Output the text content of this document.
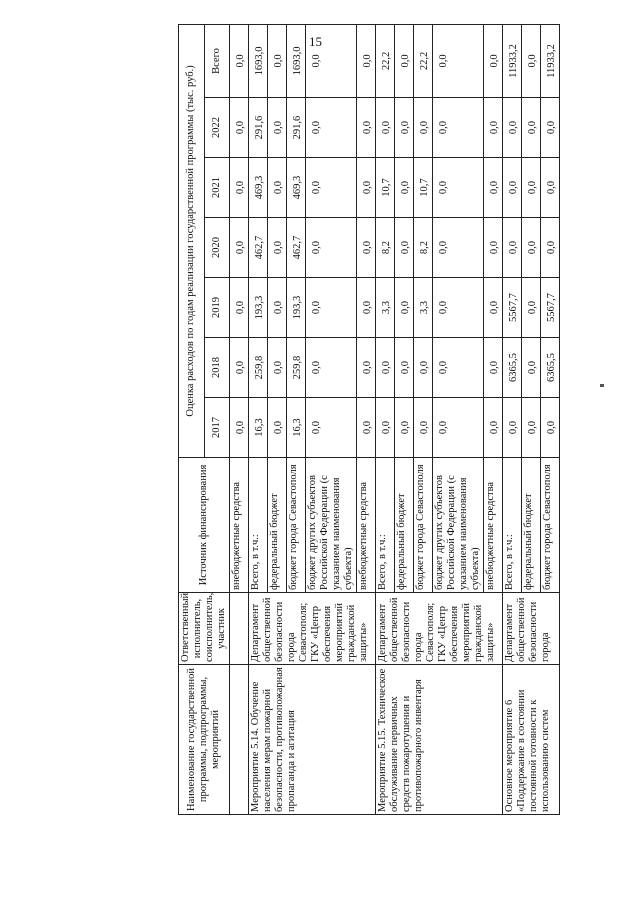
15
Наименование государственной программы, подпрограммы, мероприятий	Ответственный исполнитель, соисполнитель, участник	Источник финансирования	Оценка расходов по годам реализации государственной программы (тыс. руб.)						
			2017	2018	2019	2020	2021	2022	Всего
		внебюджетные средства	0,0	0,0	0,0	0,0	0,0	0,0	0,0
Мероприятие 5.14. Обучение населения мерам пожарной безопасности, противопожарная пропаганда и агитация	Департамент общественной безопасности города Севастополя; ГКУ «Центр обеспечения мероприятий гражданской защиты»	Всего, в т.ч.:	16,3	259,8	193,3	462,7	469,3	291,6	1693,0
		федеральный бюджет	0,0	0,0	0,0	0,0	0,0	0,0	0,0
		бюджет города Севастополя	16,3	259,8	193,3	462,7	469,3	291,6	1693,0
		бюджет других субъектов Российской Федерации (с указанием наименования субъекта)	0,0	0,0	0,0	0,0	0,0	0,0	0,0
		внебюджетные средства	0,0	0,0	0,0	0,0	0,0	0,0	0,0
Мероприятие 5.15. Техническое обслуживание первичных средств пожаротушения и противопожарного инвентаря	Департамент общественной безопасности города Севастополя; ГКУ «Центр обеспечения мероприятий гражданской защиты»	Всего, в т.ч.:	0,0	0,0	3,3	8,2	10,7	0,0	22,2
		федеральный бюджет	0,0	0,0	0,0	0,0	0,0	0,0	0,0
		бюджет города Севастополя	0,0	0,0	3,3	8,2	10,7	0,0	22,2
		бюджет других субъектов Российской Федерации (с указанием наименования субъекта)	0,0	0,0	0,0	0,0	0,0	0,0	0,0
		внебюджетные средства	0,0	0,0	0,0	0,0	0,0	0,0	0,0
Основное мероприятие 6 «Поддержание в состоянии постоянной готовности к использованию систем	Департамент общественной безопасности города	Всего, в т.ч.:	0,0	6365,5	5567,7	0,0	0,0	0,0	11933,2
		федеральный бюджет	0,0	0,0	0,0	0,0	0,0	0,0	0,0
		бюджет города Севастополя	0,0	6365,5	5567,7	0,0	0,0	0,0	11933,2
